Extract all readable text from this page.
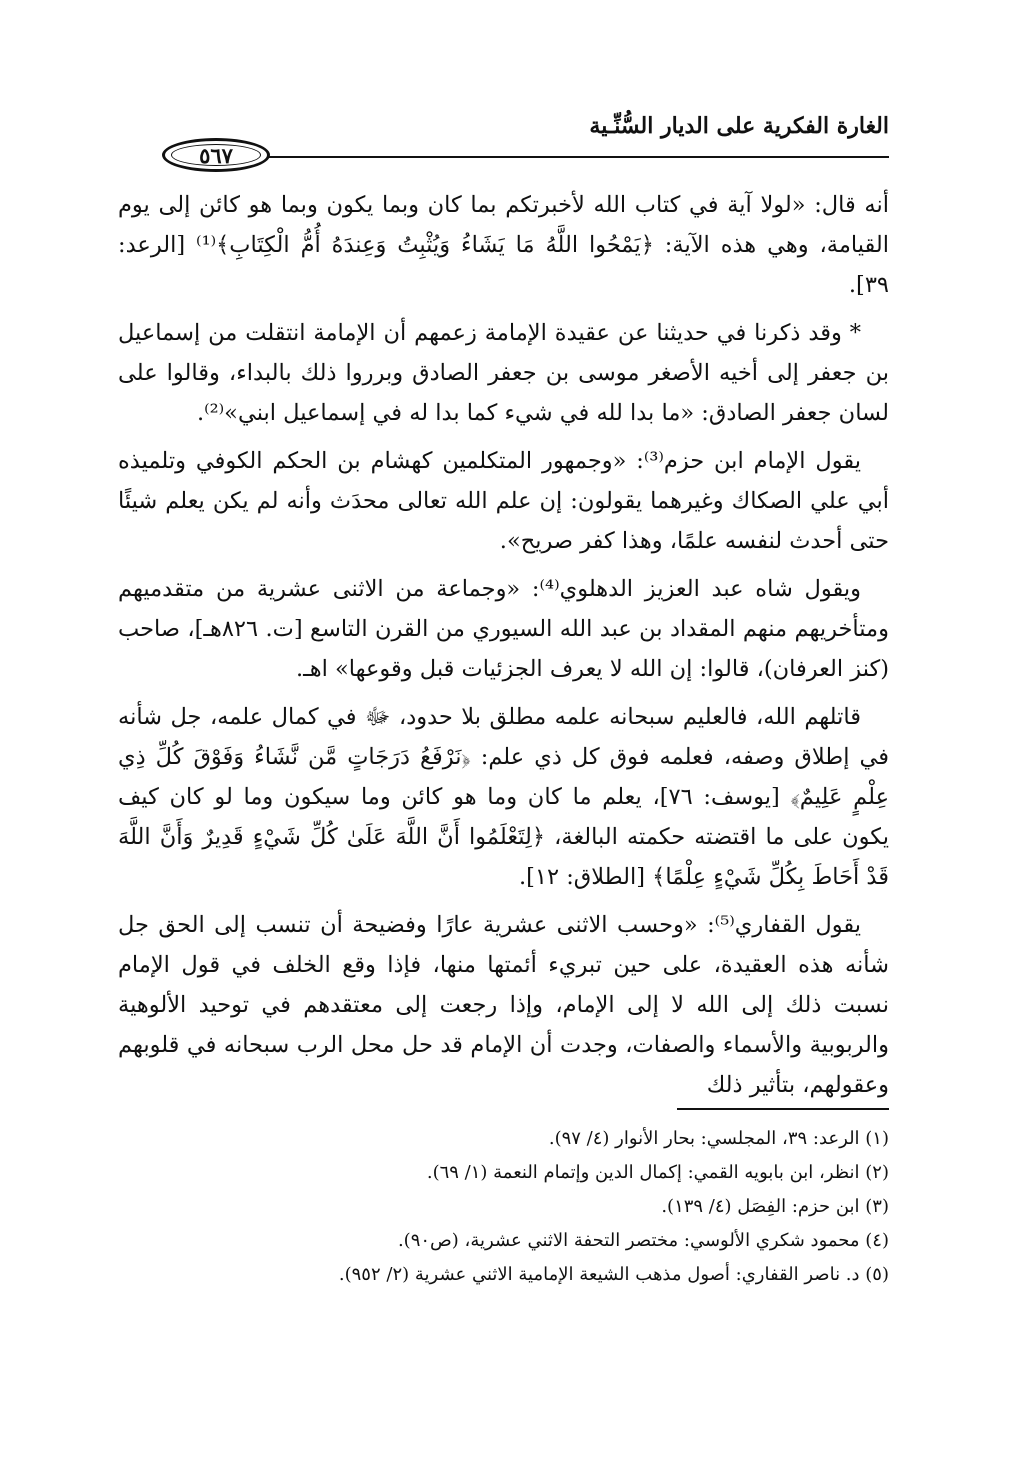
الغارة الفكرية على الديار السُّنِّـية
٥٦٧

أنه قال: «لولا آية في كتاب الله لأخبرتكم بما كان وبما يكون وبما هو كائن إلى يوم القيامة، وهي هذه الآية: ﴿يَمْحُوا اللَّهُ مَا يَشَاءُ وَيُثْبِتُ وَعِندَهُ أُمُّ الْكِتَابِ﴾⁽¹⁾ [الرعد: ٣٩].

* وقد ذكرنا في حديثنا عن عقيدة الإمامة زعمهم أن الإمامة انتقلت من إسماعيل بن جعفر إلى أخيه الأصغر موسى بن جعفر الصادق وبرروا ذلك بالبداء، وقالوا على لسان جعفر الصادق: «ما بدا لله في شيء كما بدا له في إسماعيل ابني»⁽²⁾.

يقول الإمام ابن حزم⁽³⁾: «وجمهور المتكلمين كهشام بن الحكم الكوفي وتلميذه أبي علي الصكاك وغيرهما يقولون: إن علم الله تعالى محدَث وأنه لم يكن يعلم شيئًا حتى أحدث لنفسه علمًا، وهذا كفر صريح».

ويقول شاه عبد العزيز الدهلوي⁽⁴⁾: «وجماعة من الاثنى عشرية من متقدميهم ومتأخريهم منهم المقداد بن عبد الله السيوري من القرن التاسع [ت. ٨٢٦هـ]، صاحب (كنز العرفان)، قالوا: إن الله لا يعرف الجزئيات قبل وقوعها» اهـ.

قاتلهم الله، فالعليم سبحانه علمه مطلق بلا حدود، ﷻ في كمال علمه، جل شأنه في إطلاق وصفه، فعلمه فوق كل ذي علم: ﴿نَرْفَعُ دَرَجَاتٍ مَّن نَّشَاءُ وَفَوْقَ كُلِّ ذِي عِلْمٍ عَلِيمٌ﴾ [يوسف: ٧٦]، يعلم ما كان وما هو كائن وما سيكون وما لو كان كيف يكون على ما اقتضته حكمته البالغة، ﴿لِتَعْلَمُوا أَنَّ اللَّهَ عَلَىٰ كُلِّ شَيْءٍ قَدِيرٌ وَأَنَّ اللَّهَ قَدْ أَحَاطَ بِكُلِّ شَيْءٍ عِلْمًا﴾ [الطلاق: ١٢].

يقول القفاري⁽⁵⁾: «وحسب الاثنى عشرية عارًا وفضيحة أن تنسب إلى الحق جل شأنه هذه العقيدة، على حين تبريء أئمتها منها، فإذا وقع الخلف في قول الإمام نسبت ذلك إلى الله لا إلى الإمام، وإذا رجعت إلى معتقدهم في توحيد الألوهية والربوبية والأسماء والصفات، وجدت أن الإمام قد حل محل الرب سبحانه في قلوبهم وعقولهم، بتأثير ذلك

(١) الرعد: ٣٩، المجلسي: بحار الأنوار (٤/ ٩٧).
(٢) انظر، ابن بابويه القمي: إكمال الدين وإتمام النعمة (١/ ٦٩).
(٣) ابن حزم: الفِصَل (٤/ ١٣٩).
(٤) محمود شكري الألوسي: مختصر التحفة الاثني عشرية، (ص٩٠).
(٥) د. ناصر القفاري: أصول مذهب الشيعة الإمامية الاثني عشرية (٢/ ٩٥٢).
